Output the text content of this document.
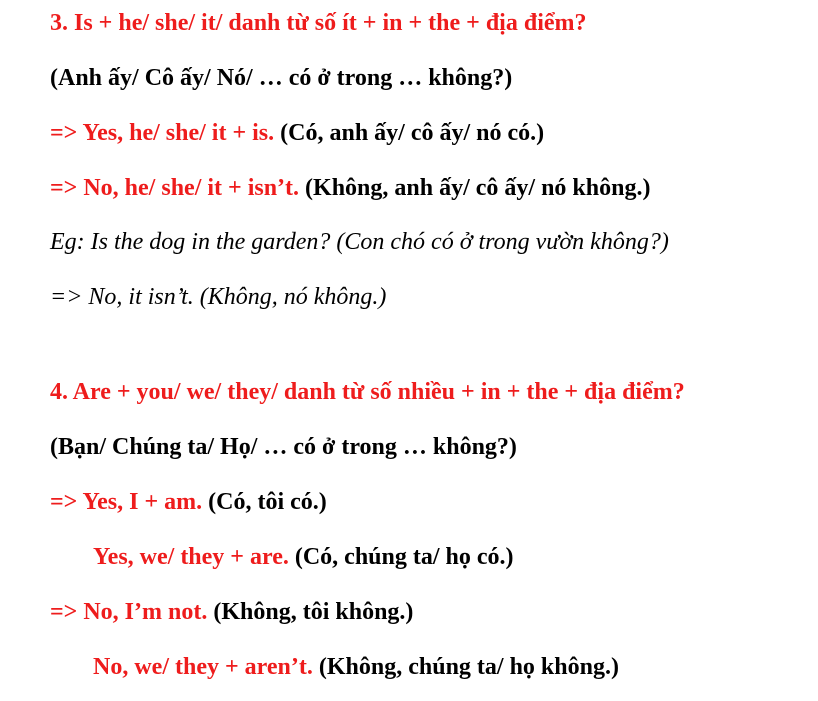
3. Is + he/ she/ it/ danh từ số ít + in + the + địa điểm?
(Anh ấy/ Cô ấy/ Nó/ … có ở trong … không?)
=> Yes, he/ she/ it + is. (Có, anh ấy/ cô ấy/ nó có.)
=> No, he/ she/ it + isn’t. (Không, anh ấy/ cô ấy/ nó không.)
Eg: Is the dog in the garden? (Con chó có ở trong vườn không?)
=> No, it isn’t. (Không, nó không.)
4. Are + you/ we/ they/ danh từ số nhiều + in + the + địa điểm?
(Bạn/ Chúng ta/ Họ/ … có ở trong … không?)
=> Yes, I + am. (Có, tôi có.)
Yes, we/ they + are. (Có, chúng ta/ họ có.)
=> No, I’m not. (Không, tôi không.)
No, we/ they + aren’t. (Không, chúng ta/ họ không.)
